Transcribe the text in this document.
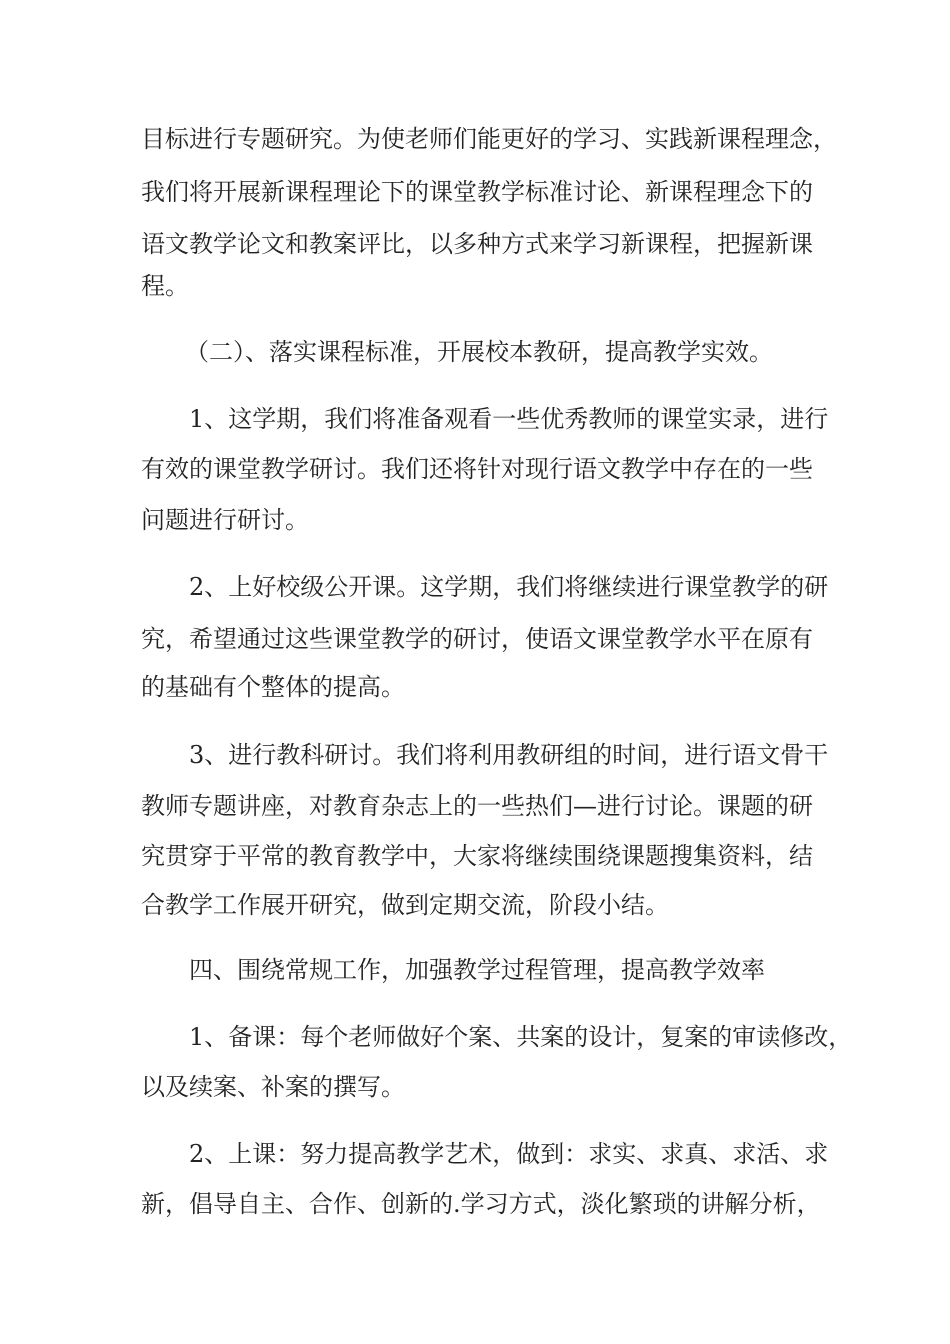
目标进行专题研究。为使老师们能更好的学习、实践新课程理念，
我们将开展新课程理论下的课堂教学标准讨论、新课程理念下的
语文教学论文和教案评比，以多种方式来学习新课程，把握新课
程。
（二）、落实课程标准，开展校本教研，提高教学实效。
1、这学期，我们将准备观看一些优秀教师的课堂实录，进行
有效的课堂教学研讨。我们还将针对现行语文教学中存在的一些
问题进行研讨。
2、上好校级公开课。这学期，我们将继续进行课堂教学的研
究，希望通过这些课堂教学的研讨，使语文课堂教学水平在原有
的基础有个整体的提高。
3、进行教科研讨。我们将利用教研组的时间，进行语文骨干
教师专题讲座，对教育杂志上的一些热们—进行讨论。课题的研
究贯穿于平常的教育教学中，大家将继续围绕课题搜集资料，结
合教学工作展开研究，做到定期交流，阶段小结。
四、围绕常规工作，加强教学过程管理，提高教学效率
1、备课：每个老师做好个案、共案的设计，复案的审读修改，
以及续案、补案的撰写。
2、上课：努力提高教学艺术，做到：求实、求真、求活、求
新，倡导自主、合作、创新的.学习方式，淡化繁琐的讲解分析，
